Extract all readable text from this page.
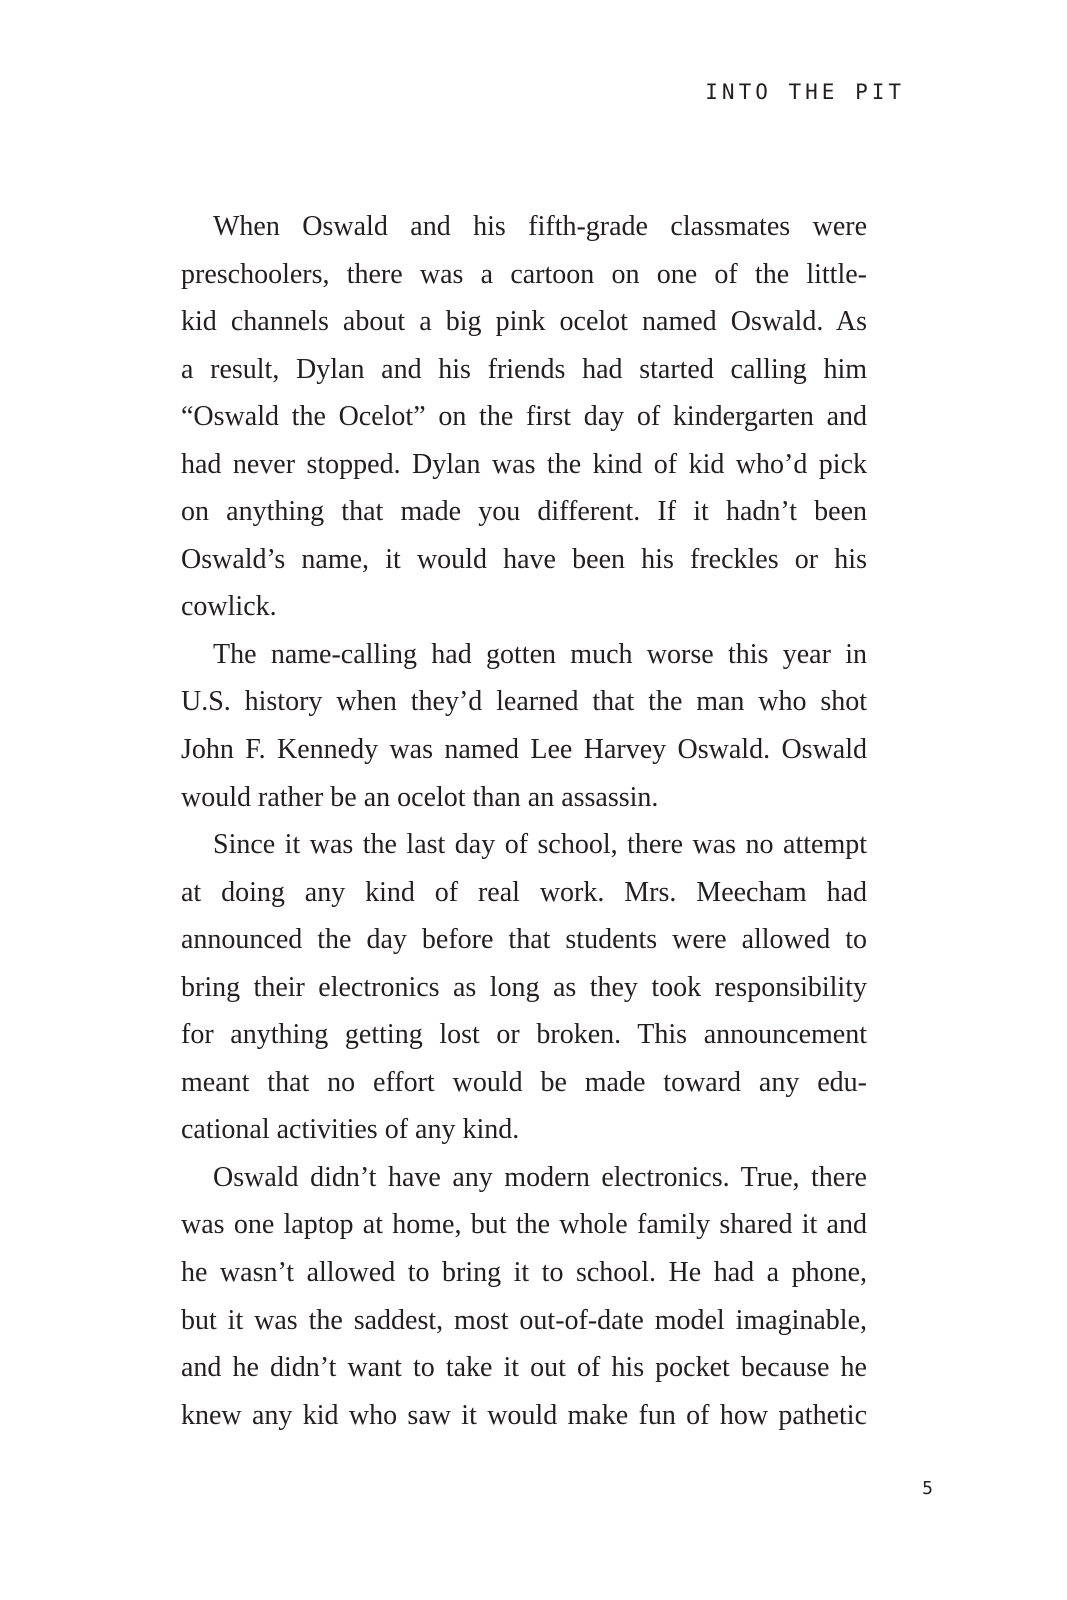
INTO THE PIT
When Oswald and his fifth-grade classmates were
preschoolers, there was a cartoon on one of the little-
kid channels about a big pink ocelot named Oswald. As
a result, Dylan and his friends had started calling him
“Oswald the Ocelot” on the first day of kindergarten and
had never stopped. Dylan was the kind of kid who’d pick
on anything that made you different. If it hadn’t been
Oswald’s name, it would have been his freckles or his
cowlick.
The name-calling had gotten much worse this year in
U.S. history when they’d learned that the man who shot
John F. Kennedy was named Lee Harvey Oswald. Oswald
would rather be an ocelot than an assassin.
Since it was the last day of school, there was no attempt
at doing any kind of real work. Mrs. Meecham had
announced the day before that students were allowed to
bring their electronics as long as they took responsibility
for anything getting lost or broken. This announcement
meant that no effort would be made toward any edu-
cational activities of any kind.
Oswald didn’t have any modern electronics. True, there
was one laptop at home, but the whole family shared it and
he wasn’t allowed to bring it to school. He had a phone,
but it was the saddest, most out-of-date model imaginable,
and he didn’t want to take it out of his pocket because he
knew any kid who saw it would make fun of how pathetic
5
